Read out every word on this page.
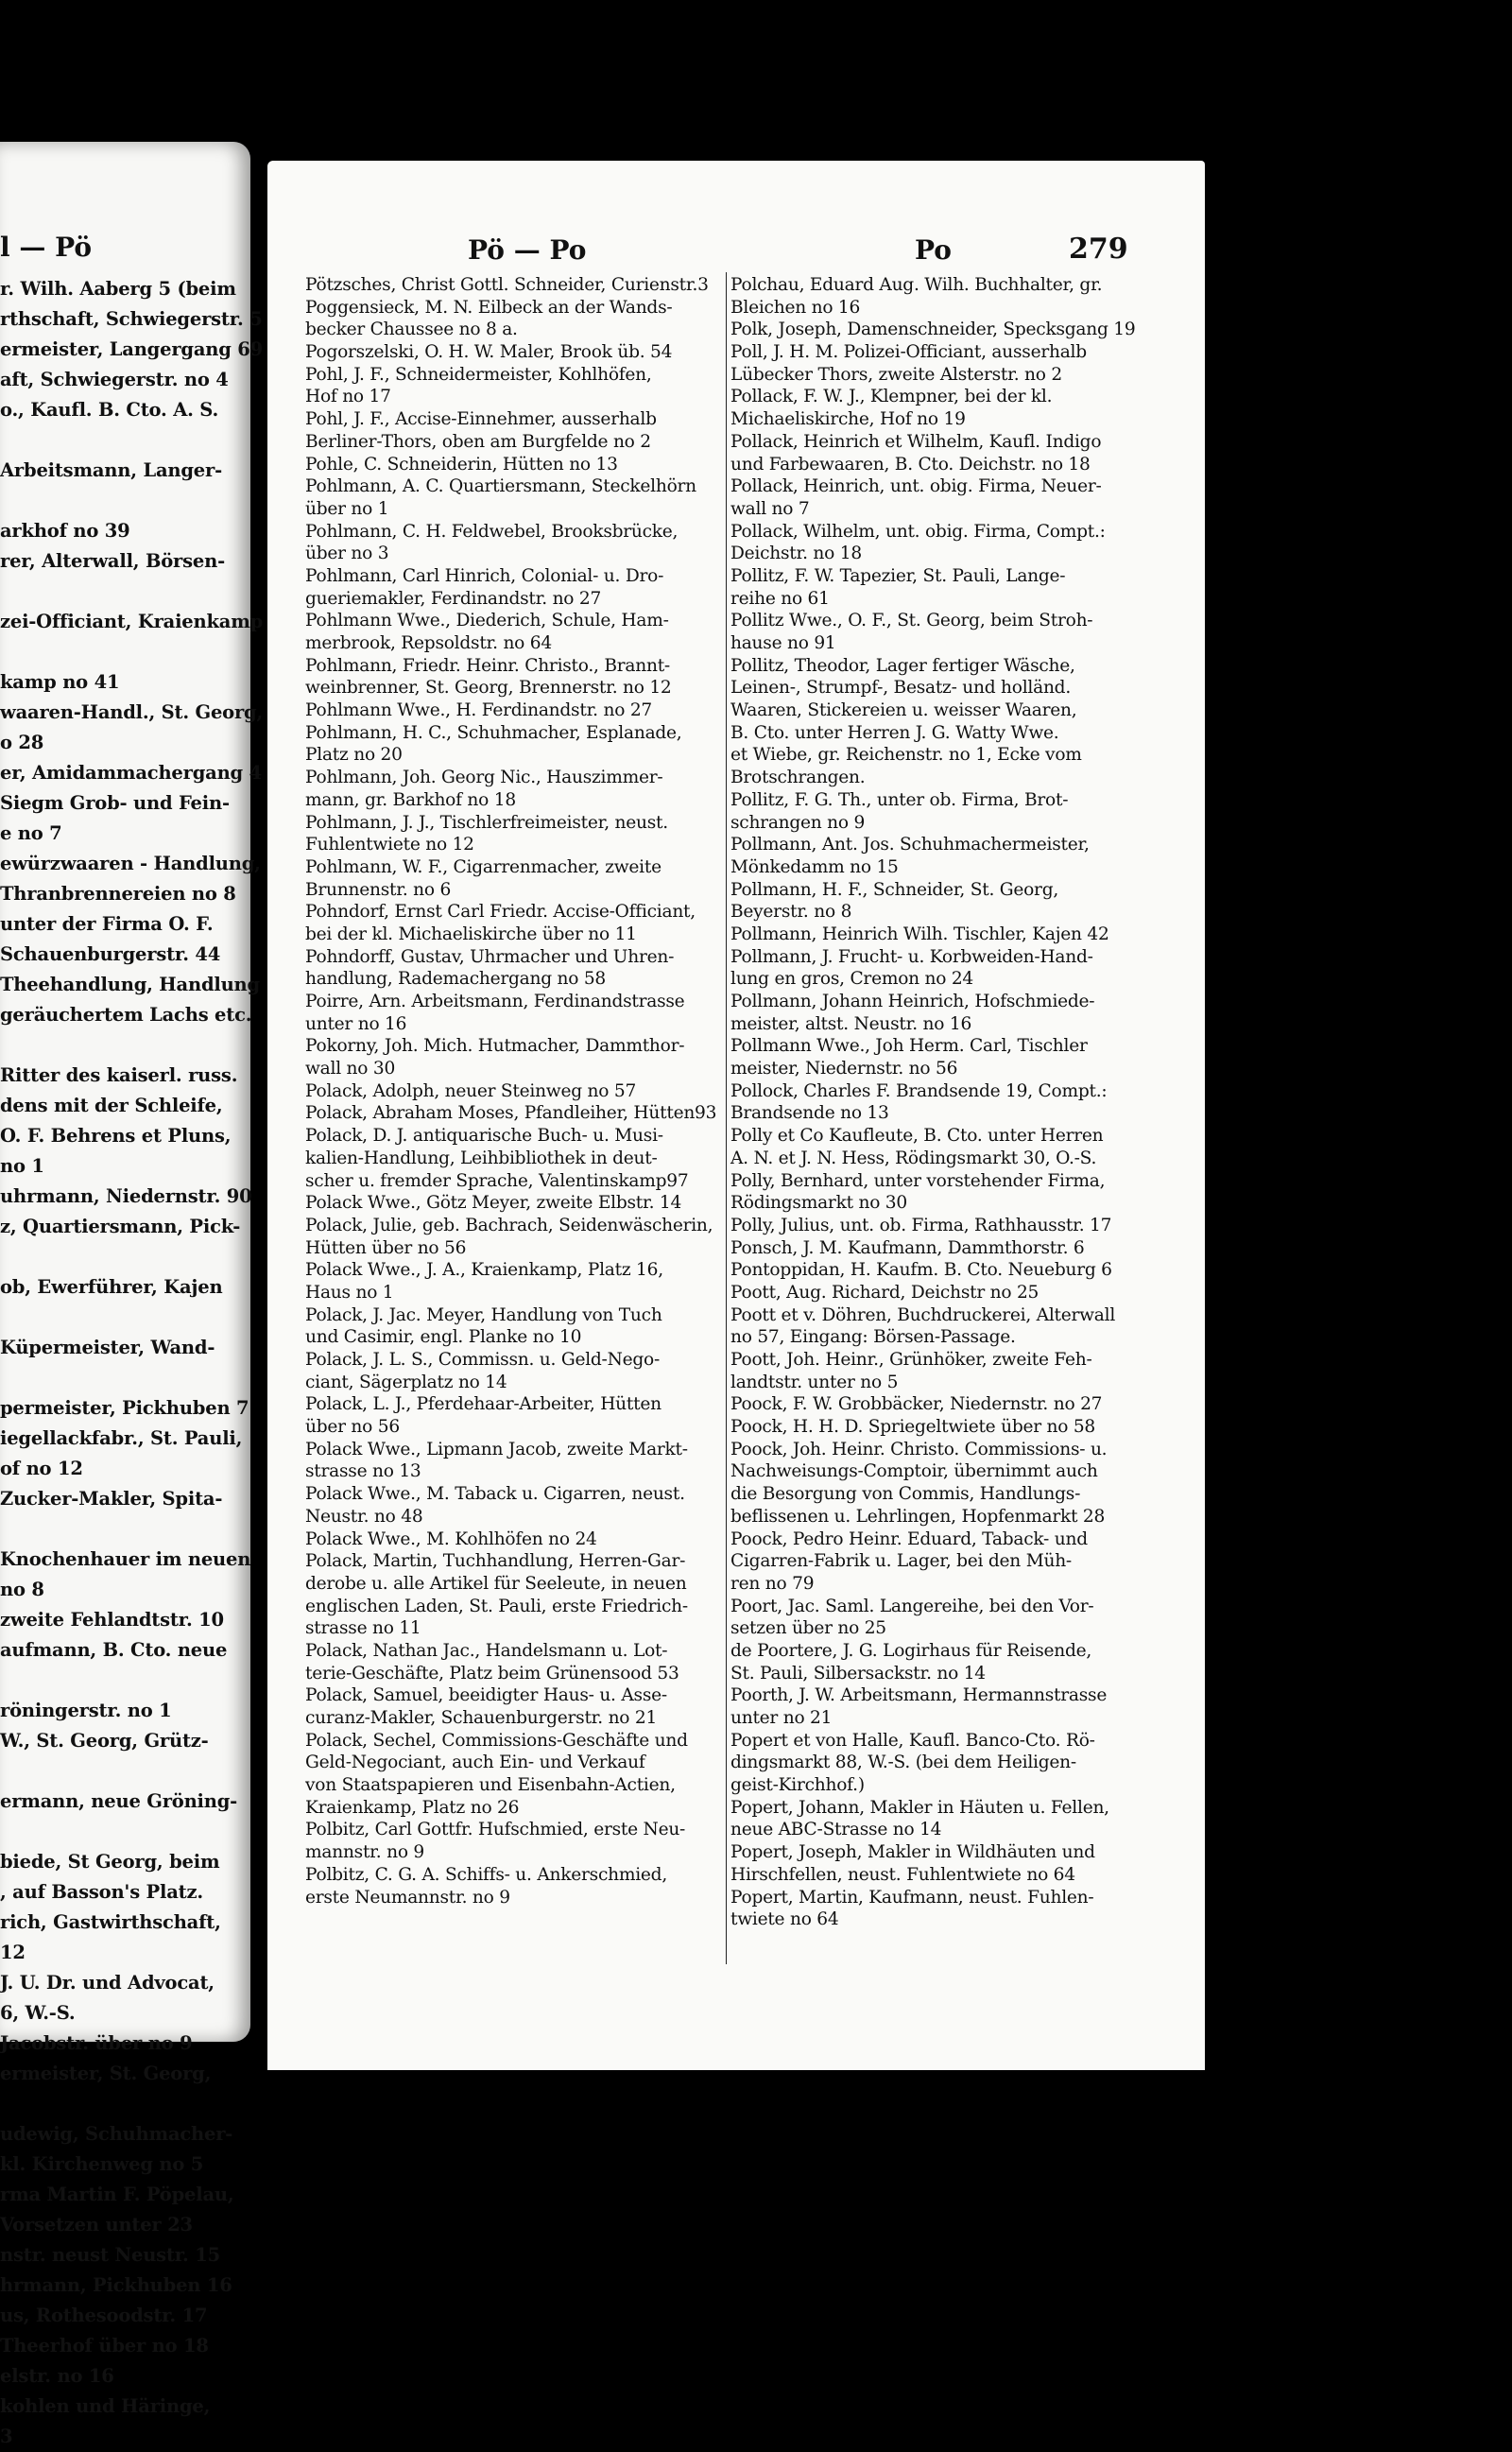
l — Pö
r. Wilh. Aaberg 5 (beim
rthschaft, Schwiegerstr. 5
ermeister, Langergang 69
aft, Schwiegerstr. no 4
o., Kaufl. B. Cto. A. S.
Arbeitsmann, Langer-
arkhof no 39
rer, Alterwall, Börsen-
zei-Officiant, Kraienkamp
kamp no 41
waaren-Handl., St. Georg,
o 28
er, Amidammachergang 4
Siegm Grob- und Fein-
e no 7
ewürzwaaren - Handlung,
Thranbrennereien no 8
unter der Firma O. F.
Schauenburgerstr. 44
Theehandlung, Handlung
geräuchertem Lachs etc.
Ritter des kaiserl. russ.
dens mit der Schleife,
O. F. Behrens et Pluns,
no 1
uhrmann, Niedernstr. 90
z, Quartiersmann, Pick-
ob, Ewerführer, Kajen
Küpermeister, Wand-
permeister, Pickhuben 7
iegellackfabr., St. Pauli,
of no 12
Zucker-Makler, Spita-
Knochenhauer im neuen
no 8
zweite Fehlandtstr. 10
aufmann, B. Cto. neue
röningerstr. no 1
W., St. Georg, Grütz-
ermann, neue Gröning-
biede, St Georg, beim
, auf Basson's Platz.
rich, Gastwirthschaft,
12
J. U. Dr. und Advocat,
6, W.-S.
Jacobstr. über no 9
ermeister, St. Georg,
udewig, Schuhmacher-
kl. Kirchenweg no 5
rma Martin F. Pöpelau,
Vorsetzen unter 23
nstr. neust Neustr. 15
hrmann, Pickhuben 16
us, Rothesoodstr. 17
Theerhof über no 18
elstr. no 16
kohlen und Häringe,
3
Pö — Po	Po	279
Pötzsches, Christ Gottl. Schneider, Curienstr.3
Poggensieck, M. N. Eilbeck an der Wands-
becker Chaussee no 8 a.
Pogorszelski, O. H. W. Maler, Brook üb. 54
Pohl, J. F., Schneidermeister, Kohlhöfen,
Hof no 17
Pohl, J. F., Accise-Einnehmer, ausserhalb
Berliner-Thors, oben am Burgfelde no 2
Pohle, C. Schneiderin, Hütten no 13
Pohlmann, A. C. Quartiersmann, Steckelhörn
über no 1
Pohlmann, C. H. Feldwebel, Brooksbrücke,
über no 3
Pohlmann, Carl Hinrich, Colonial- u. Dro-
gueriemakler, Ferdinandstr. no 27
Pohlmann Wwe., Diederich, Schule, Ham-
merbrook, Repsoldstr. no 64
Pohlmann, Friedr. Heinr. Christo., Brannt-
weinbrenner, St. Georg, Brennerstr. no 12
Pohlmann Wwe., H. Ferdinandstr. no 27
Pohlmann, H. C., Schuhmacher, Esplanade,
Platz no 20
Pohlmann, Joh. Georg Nic., Hauszimmer-
mann, gr. Barkhof no 18
Pohlmann, J. J., Tischlerfreimeister, neust.
Fuhlentwiete no 12
Pohlmann, W. F., Cigarrenmacher, zweite
Brunnenstr. no 6
Pohndorf, Ernst Carl Friedr. Accise-Officiant,
bei der kl. Michaeliskirche über no 11
Pohndorff, Gustav, Uhrmacher und Uhren-
handlung, Rademachergang no 58
Poirre, Arn. Arbeitsmann, Ferdinandstrasse
unter no 16
Pokorny, Joh. Mich. Hutmacher, Dammthor-
wall no 30
Polack, Adolph, neuer Steinweg no 57
Polack, Abraham Moses, Pfandleiher, Hütten93
Polack, D. J. antiquarische Buch- u. Musi-
kalien-Handlung, Leihbibliothek in deut-
scher u. fremder Sprache, Valentinskamp97
Polack Wwe., Götz Meyer, zweite Elbstr. 14
Polack, Julie, geb. Bachrach, Seidenwäscherin,
Hütten über no 56
Polack Wwe., J. A., Kraienkamp, Platz 16,
Haus no 1
Polack, J. Jac. Meyer, Handlung von Tuch
und Casimir, engl. Planke no 10
Polack, J. L. S., Commissn. u. Geld-Nego-
ciant, Sägerplatz no 14
Polack, L. J., Pferdehaar-Arbeiter, Hütten
über no 56
Polack Wwe., Lipmann Jacob, zweite Markt-
strasse no 13
Polack Wwe., M. Taback u. Cigarren, neust.
Neustr. no 48
Polack Wwe., M. Kohlhöfen no 24
Polack, Martin, Tuchhandlung, Herren-Gar-
derobe u. alle Artikel für Seeleute, in neuen
englischen Laden, St. Pauli, erste Friedrich-
strasse no 11
Polack, Nathan Jac., Handelsmann u. Lot-
terie-Geschäfte, Platz beim Grünensood 53
Polack, Samuel, beeidigter Haus- u. Asse-
curanz-Makler, Schauenburgerstr. no 21
Polack, Sechel, Commissions-Geschäfte und
Geld-Negociant, auch Ein- und Verkauf
von Staatspapieren und Eisenbahn-Actien,
Kraienkamp, Platz no 26
Polbitz, Carl Gottfr. Hufschmied, erste Neu-
mannstr. no 9
Polbitz, C. G. A. Schiffs- u. Ankerschmied,
erste Neumannstr. no 9
Polchau, Eduard Aug. Wilh. Buchhalter, gr.
Bleichen no 16
Polk, Joseph, Damenschneider, Specksgang 19
Poll, J. H. M. Polizei-Officiant, ausserhalb
Lübecker Thors, zweite Alsterstr. no 2
Pollack, F. W. J., Klempner, bei der kl.
Michaeliskirche, Hof no 19
Pollack, Heinrich et Wilhelm, Kaufl. Indigo
und Farbewaaren, B. Cto. Deichstr. no 18
Pollack, Heinrich, unt. obig. Firma, Neuer-
wall no 7
Pollack, Wilhelm, unt. obig. Firma, Compt.:
Deichstr. no 18
Pollitz, F. W. Tapezier, St. Pauli, Lange-
reihe no 61
Pollitz Wwe., O. F., St. Georg, beim Stroh-
hause no 91
Pollitz, Theodor, Lager fertiger Wäsche,
Leinen-, Strumpf-, Besatz- und holländ.
Waaren, Stickereien u. weisser Waaren,
B. Cto. unter Herren J. G. Watty Wwe.
et Wiebe, gr. Reichenstr. no 1, Ecke vom
Brotschrangen.
Pollitz, F. G. Th., unter ob. Firma, Brot-
schrangen no 9
Pollmann, Ant. Jos. Schuhmachermeister,
Mönkedamm no 15
Pollmann, H. F., Schneider, St. Georg,
Beyerstr. no 8
Pollmann, Heinrich Wilh. Tischler, Kajen 42
Pollmann, J. Frucht- u. Korbweiden-Hand-
lung en gros, Cremon no 24
Pollmann, Johann Heinrich, Hofschmiede-
meister, altst. Neustr. no 16
Pollmann Wwe., Joh Herm. Carl, Tischler
meister, Niedernstr. no 56
Pollock, Charles F. Brandsende 19, Compt.:
Brandsende no 13
Polly et Co Kaufleute, B. Cto. unter Herren
A. N. et J. N. Hess, Rödingsmarkt 30, O.-S.
Polly, Bernhard, unter vorstehender Firma,
Rödingsmarkt no 30
Polly, Julius, unt. ob. Firma, Rathhausstr. 17
Ponsch, J. M. Kaufmann, Dammthorstr. 6
Pontoppidan, H. Kaufm. B. Cto. Neueburg 6
Poott, Aug. Richard, Deichstr no 25
Poott et v. Döhren, Buchdruckerei, Alterwall
no 57, Eingang: Börsen-Passage.
Poott, Joh. Heinr., Grünhöker, zweite Feh-
landtstr. unter no 5
Poock, F. W. Grobbäcker, Niedernstr. no 27
Poock, H. H. D. Spriegeltwiete über no 58
Poock, Joh. Heinr. Christo. Commissions- u.
Nachweisungs-Comptoir, übernimmt auch
die Besorgung von Commis, Handlungs-
beflissenen u. Lehrlingen, Hopfenmarkt 28
Poock, Pedro Heinr. Eduard, Taback- und
Cigarren-Fabrik u. Lager, bei den Müh-
ren no 79
Poort, Jac. Saml. Langereihe, bei den Vor-
setzen über no 25
de Poortere, J. G. Logirhaus für Reisende,
St. Pauli, Silbersackstr. no 14
Poorth, J. W. Arbeitsmann, Hermannstrasse
unter no 21
Popert et von Halle, Kaufl. Banco-Cto. Rö-
dingsmarkt 88, W.-S. (bei dem Heiligen-
geist-Kirchhof.)
Popert, Johann, Makler in Häuten u. Fellen,
neue ABC-Strasse no 14
Popert, Joseph, Makler in Wildhäuten und
Hirschfellen, neust. Fuhlentwiete no 64
Popert, Martin, Kaufmann, neust. Fuhlen-
twiete no 64
